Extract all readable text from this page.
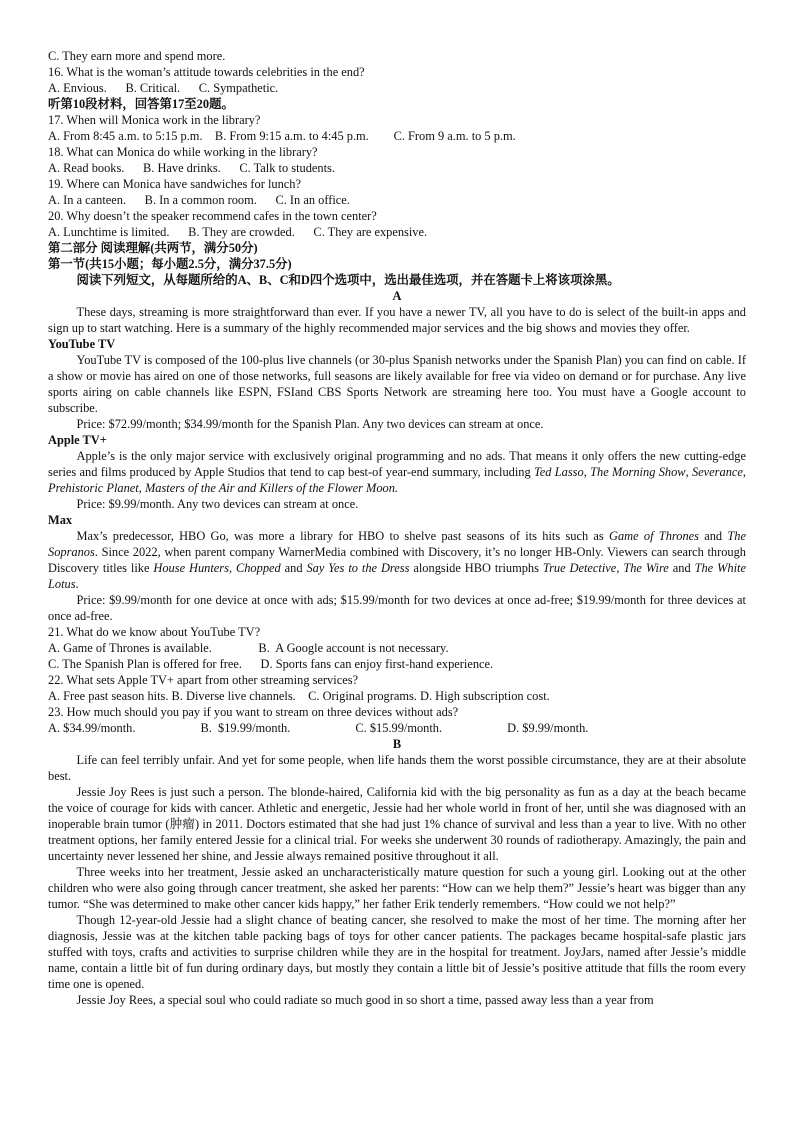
C. They earn more and spend more.

16. What is the woman’s attitude towards celebrities in the end?

A. Envious.      B. Critical.      C. Sympathetic.

听第10段材料，回答第17至20题。

17. When will Monica work in the library?

A. From 8:45 a.m. to 5:15 p.m.    B. From 9:15 a.m. to 4:45 p.m.        C. From 9 a.m. to 5 p.m.

18. What can Monica do while working in the library?

A. Read books.      B. Have drinks.      C. Talk to students.

19. Where can Monica have sandwiches for lunch?

A. In a canteen.      B. In a common room.      C. In an office.

20. Why doesn’t the speaker recommend cafes in the town center?

A. Lunchtime is limited.      B. They are crowded.      C. They are expensive.

第二部分 阅读理解(共两节，满分50分)

第一节(共15小题；每小题2.5分，满分37.5分)

阅读下列短文，从每题所给的A、B、C和D四个选项中，选出最佳选项，并在答题卡上将该项涂黑。

A

These days, streaming is more straightforward than ever. If you have a newer TV, all you have to do is select of the built-in apps and sign up to start watching. Here is a summary of the highly recommended major services and the big shows and movies they offer.

YouTube TV

YouTube TV is composed of the 100-plus live channels (or 30-plus Spanish networks under the Spanish Plan) you can find on cable. If a show or movie has aired on one of those networks, full seasons are likely available for free via video on demand or for purchase. Any live sports airing on cable channels like ESPN, FSIand CBS Sports Network are streaming here too. You must have a Google account to subscribe.

Price: $72.99/month; $34.99/month for the Spanish Plan. Any two devices can stream at once.

Apple TV+

Apple’s is the only major service with exclusively original programming and no ads. That means it only offers the new cutting-edge series and films produced by Apple Studios that tend to cap best-of year-end summary, including Ted Lasso, The Morning Show, Severance, Prehistoric Planet, Masters of the Air and Killers of the Flower Moon.

Price: $9.99/month. Any two devices can stream at once.

Max

Max’s predecessor, HBO Go, was more a library for HBO to shelve past seasons of its hits such as Game of Thrones and The Sopranos. Since 2022, when parent company WarnerMedia combined with Discovery, it’s no longer HB-Only. Viewers can search through Discovery titles like House Hunters, Chopped and Say Yes to the Dress alongside HBO triumphs True Detective, The Wire and The White Lotus.

Price: $9.99/month for one device at once with ads; $15.99/month for two devices at once ad-free; $19.99/month for three devices at once ad-free.

21. What do we know about YouTube TV?

A. Game of Thrones is available.               B.  A Google account is not necessary.

C. The Spanish Plan is offered for free.      D. Sports fans can enjoy first-hand experience.

22. What sets Apple TV+ apart from other streaming services?

A. Free past season hits. B. Diverse live channels.    C. Original programs. D. High subscription cost.

23. How much should you pay if you want to stream on three devices without ads?

A. $34.99/month.                     B.  $19.99/month.                     C. $15.99/month.                     D. $9.99/month.

B

Life can feel terribly unfair. And yet for some people, when life hands them the worst possible circumstance, they are at their absolute best.

Jessie Joy Rees is just such a person. The blonde-haired, California kid with the big personality as fun as a day at the beach became the voice of courage for kids with cancer. Athletic and energetic, Jessie had her whole world in front of her, until she was diagnosed with an inoperable brain tumor (肿瘤) in 2011. Doctors estimated that she had just 1% chance of survival and less than a year to live. With no other treatment options, her family entered Jessie for a clinical trial. For weeks she underwent 30 rounds of radiotherapy. Amazingly, the pain and uncertainty never lessened her shine, and Jessie always remained positive throughout it all.

Three weeks into her treatment, Jessie asked an uncharacteristically mature question for such a young girl. Looking out at the other children who were also going through cancer treatment, she asked her parents: “How can we help them?” Jessie’s heart was bigger than any tumor. “She was determined to make other cancer kids happy,” her father Erik tenderly remembers. “How could we not help?”

Though 12-year-old Jessie had a slight chance of beating cancer, she resolved to make the most of her time. The morning after her diagnosis, Jessie was at the kitchen table packing bags of toys for other cancer patients. The packages became hospital-safe plastic jars stuffed with toys, crafts and activities to surprise children while they are in the hospital for treatment. JoyJars, named after Jessie’s middle name, contain a little bit of fun during ordinary days, but mostly they contain a little bit of Jessie’s positive attitude that fills the room every time one is opened.

Jessie Joy Rees, a special soul who could radiate so much good in so short a time, passed away less than a year from
